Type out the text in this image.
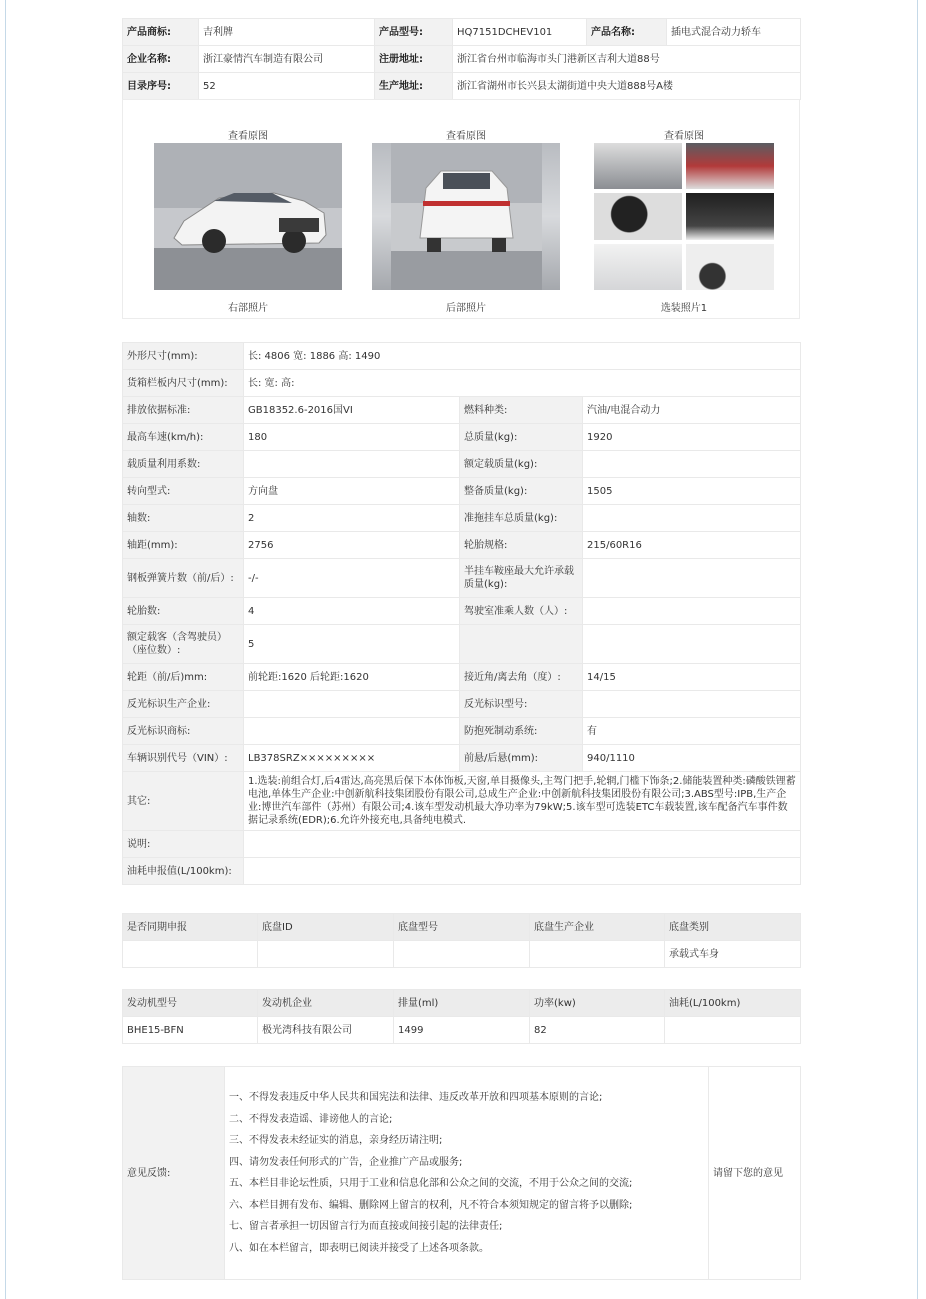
产品商标:	吉利牌	产品型号:	HQ7151DCHEV101	产品名称:	插电式混合动力轿车
企业名称:	浙江豪情汽车制造有限公司	注册地址:	浙江省台州市临海市头门港新区吉利大道88号		
目录序号:	52	生产地址:	浙江省湖州市长兴县太湖街道中央大道888号A楼		
查看原图
右部照片
查看原图
后部照片
查看原图
选装照片1
外形尺寸(mm):	长: 4806 宽: 1886 高: 1490		
货箱栏板内尺寸(mm):	长: 宽: 高:		
排放依据标准:	GB18352.6-2016国VI	燃料种类:	汽油/电混合动力
最高车速(km/h):	180	总质量(kg):	1920
载质量利用系数:		额定载质量(kg):	
转向型式:	方向盘	整备质量(kg):	1505
轴数:	2	准拖挂车总质量(kg):	
轴距(mm):	2756	轮胎规格:	215/60R16
钢板弹簧片数（前/后）:	-/-	半挂车鞍座最大允许承载质量(kg):	
轮胎数:	4	驾驶室准乘人数（人）:	
额定载客（含驾驶员）（座位数）:	5		
轮距（前/后)mm:	前轮距:1620 后轮距:1620	接近角/离去角（度）:	14/15
反光标识生产企业:		反光标识型号:	
反光标识商标:		防抱死制动系统:	有
车辆识别代号（VIN）:	LB378SRZ×××××××××	前悬/后悬(mm):	940/1110
其它:	1.选装:前组合灯,后4雷达,高亮黑后保下本体饰板,天窗,单目摄像头,主驾门把手,轮辋,门槛下饰条;2.储能装置种类:磷酸铁锂蓄电池,单体生产企业:中创新航科技集团股份有限公司,总成生产企业:中创新航科技集团股份有限公司;3.ABS型号:IPB,生产企业:博世汽车部件（苏州）有限公司;4.该车型发动机最大净功率为79kW;5.该车型可选装ETC车载装置,该车配备汽车事件数据记录系统(EDR);6.允许外接充电,具备纯电模式.		
说明:			
油耗申报值(L/100km):			
是否同期申报	底盘ID	底盘型号	底盘生产企业	底盘类别
				承载式车身
发动机型号	发动机企业	排量(ml)	功率(kw)	油耗(L/100km)
BHE15-BFN	极光湾科技有限公司	1499	82	
意见反馈:	
一、不得发表违反中华人民共和国宪法和法律、违反改革开放和四项基本原则的言论;
二、不得发表造谣、诽谤他人的言论;
三、不得发表未经证实的消息，亲身经历请注明;
四、请勿发表任何形式的广告，企业推广产品或服务;
五、本栏目非论坛性质，只用于工业和信息化部和公众之间的交流，不用于公众之间的交流;
六、本栏目拥有发布、编辑、删除网上留言的权利，凡不符合本须知规定的留言将予以删除;
七、留言者承担一切因留言行为而直接或间接引起的法律责任;
八、如在本栏留言，即表明已阅读并接受了上述各项条款。
	请留下您的意见
